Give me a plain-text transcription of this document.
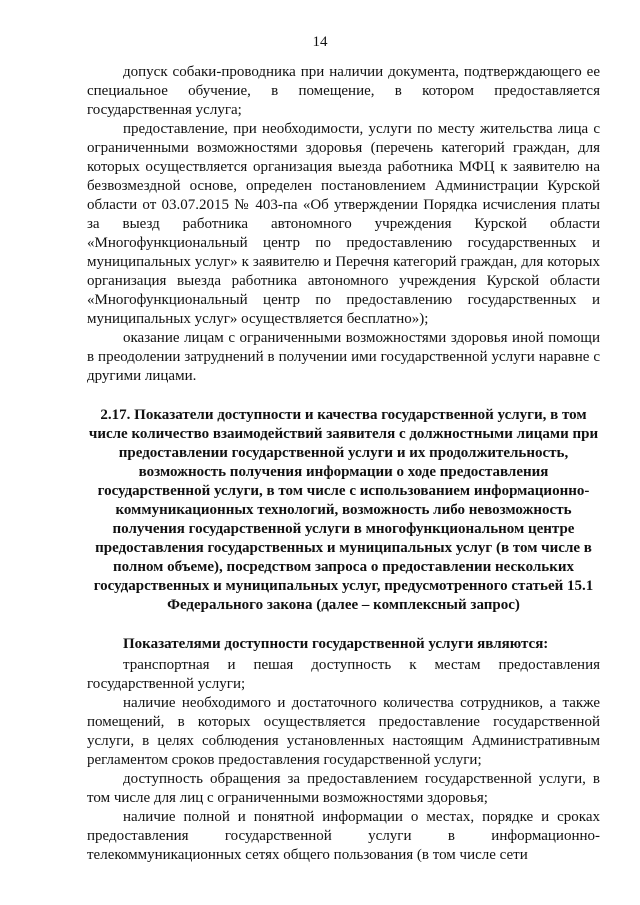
14

допуск собаки-проводника при наличии документа, подтверждающего ее специальное обучение, в помещение, в котором предоставляется государственная услуга;

предоставление, при необходимости, услуги по месту жительства лица с ограниченными возможностями здоровья (перечень категорий граждан, для которых осуществляется организация выезда работника МФЦ к заявителю на безвозмездной основе, определен постановлением Администрации Курской области от 03.07.2015 № 403-па «Об утверждении Порядка исчисления платы за выезд работника автономного учреждения Курской области «Многофункциональный центр по предоставлению государственных и муниципальных услуг» к заявителю и Перечня категорий граждан, для которых организация выезда работника автономного учреждения Курской области «Многофункциональный центр по предоставлению государственных и муниципальных услуг» осуществляется бесплатно»);

оказание лицам с ограниченными возможностями здоровья иной помощи в преодолении затруднений в получении ими государственной услуги наравне с другими лицами.

2.17. Показатели доступности и качества государственной услуги, в том числе количество взаимодействий заявителя с должностными лицами при предоставлении государственной услуги и их продолжительность, возможность получения информации о ходе предоставления государственной услуги, в том числе с использованием информационно-коммуникационных технологий, возможность либо невозможность получения государственной услуги в многофункциональном центре предоставления государственных и муниципальных услуг (в том числе в полном объеме), посредством запроса о предоставлении нескольких государственных и муниципальных услуг, предусмотренного статьей 15.1 Федерального закона (далее – комплексный запрос)
Показателями доступности государственной услуги являются:

транспортная и пешая доступность к местам предоставления государственной услуги;

наличие необходимого и достаточного количества сотрудников, а также помещений, в которых осуществляется предоставление государственной услуги, в целях соблюдения установленных настоящим Административным регламентом сроков предоставления государственной услуги;

доступность обращения за предоставлением государственной услуги, в том числе для лиц с ограниченными возможностями здоровья;

наличие полной и понятной информации о местах, порядке и сроках предоставления государственной услуги в информационно-телекоммуникационных сетях общего пользования (в том числе сети
